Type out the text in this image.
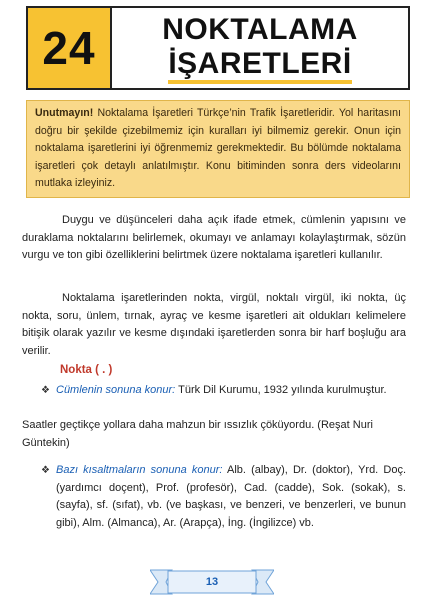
24 NOKTALAMA
İŞARETLERİ
Unutmayın! Noktalama İşaretleri Türkçe’nin Trafik İşaretleridir. Yol haritasını doğru bir şekilde çizebilmemiz için kuralları iyi bilmemiz gerekir. Onun için noktalama işaretlerini iyi öğrenmemiz gerekmektedir. Bu bölümde noktalama işaretleri çok detaylı anlatılmıştır. Konu bitiminden sonra ders videolarını mutlaka izleyiniz.
Duygu ve düşünceleri daha açık ifade etmek, cümlenin yapısını ve duraklama noktalarını belirlemek, okumayı ve anlamayı kolaylaştırmak, sözün vurgu ve ton gibi özelliklerini belirtmek üzere noktalama işaretleri kullanılır.
Noktalama işaretlerinden nokta, virgül, noktalı virgül, iki nokta, üç nokta, soru, ünlem, tırnak, ayraç ve kesme işaretleri ait oldukları kelimelere bitişik olarak yazılır ve kesme dışındaki işaretlerden sonra bir harf boşluğu ara verilir.
Nokta ( . )
❖ Cümlenin sonuna konur: Türk Dil Kurumu, 1932 yılında kurulmuştur.
Saatler geçtikçe yollara daha mahzun bir ıssızlık çöküyordu. (Reşat Nuri Güntekin)
❖ Bazı kısaltmaların sonuna konur: Alb. (albay), Dr. (doktor), Yrd. Doç. (yardımcı doçent), Prof. (profesör), Cad. (cadde), Sok. (sokak), s. (sayfa), sf. (sıfat), vb. (ve başkası, ve benzeri, ve benzerleri, ve bunun gibi), Alm. (Almanca), Ar. (Arapça), İng. (İngilizce) vb.
13
